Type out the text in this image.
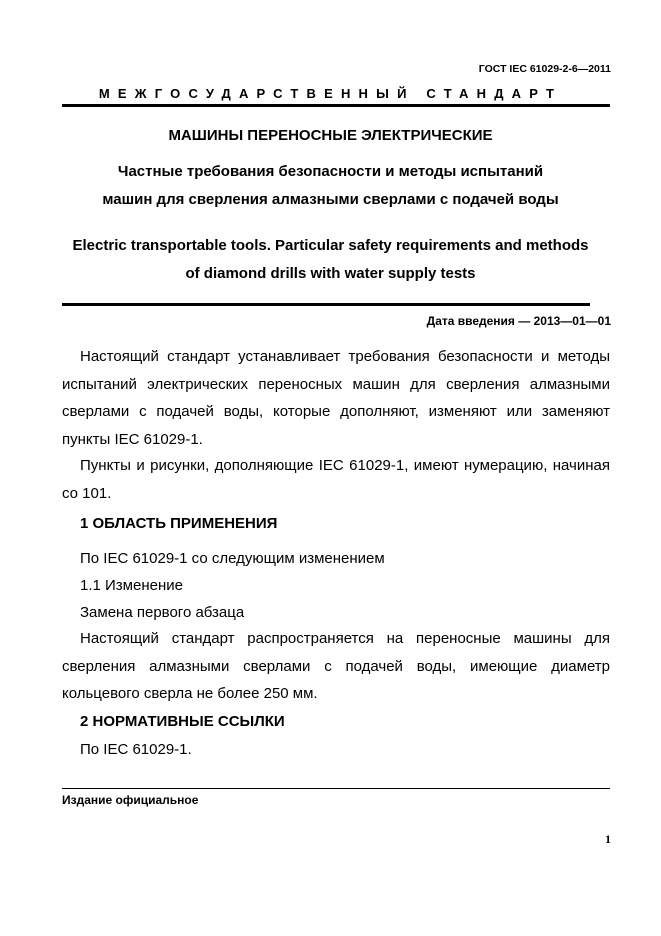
ГОСТ IEC 61029-2-6—2011
МЕЖГОСУДАРСТВЕННЫЙ СТАНДАРТ
МАШИНЫ ПЕРЕНОСНЫЕ ЭЛЕКТРИЧЕСКИЕ
Частные требования безопасности и методы испытаний
машин для сверления алмазными сверлами с подачей воды
Electric transportable tools. Particular safety requirements and methods
of diamond drills with water supply tests
Дата введения — 2013—01—01

Настоящий стандарт устанавливает требования безопасности и методы испытаний электрических переносных машин для сверления алмазными сверлами с подачей воды, которые дополняют, изменяют или заменяют пункты IEC 61029-1.

Пункты и рисунки, дополняющие IEC 61029-1, имеют нумерацию, начиная со 101.

1 ОБЛАСТЬ ПРИМЕНЕНИЯ
По IEC 61029-1 со следующим изменением
1.1 Изменение
Замена первого абзаца

Настоящий стандарт распространяется на переносные машины для сверления алмазными сверлами с подачей воды, имеющие диаметр кольцевого сверла не более 250 мм.

2 НОРМАТИВНЫЕ ССЫЛКИ
По IEC 61029-1.
Издание официальное
1
